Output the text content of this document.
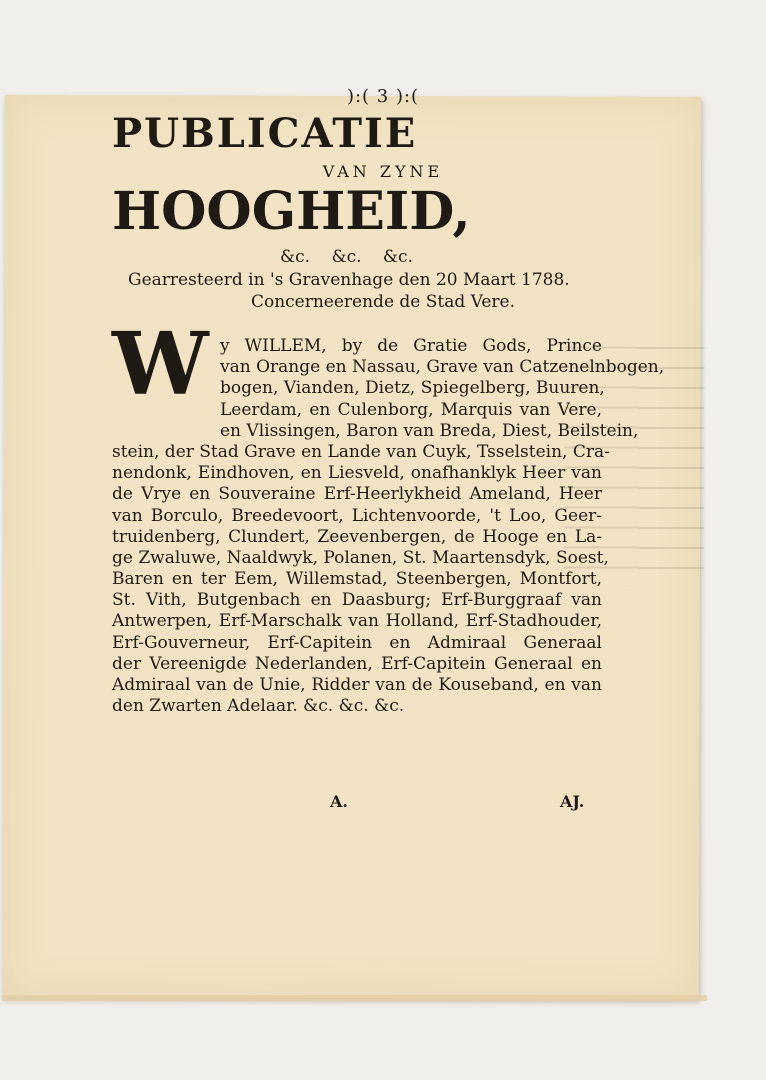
):( 3 ):(
PUBLICATIE
VAN ZYNE
HOOGHEID,
&c. &c. &c.
Gearresteerd in 's Gravenhage den 20 Maart 1788.
Concerneerende de Stad Vere.
W	y WILLEM, by de Gratie Gods, Prince
van Orange en Nassau, Grave van Catzenelnbogen,
bogen, Vianden, Dietz, Spiegelberg, Buuren,
Leerdam, en Culenborg, Marquis van Vere,
en Vlissingen, Baron van Breda, Diest, Beilstein,
stein, der Stad Grave en Lande van Cuyk, Tsselstein, Cra-
nendonk, Eindhoven, en Liesveld, onafhanklyk Heer van
de Vrye en Souveraine Erf-Heerlykheid Ameland, Heer
van Borculo, Breedevoort, Lichtenvoorde, 't Loo, Geer-
truidenberg, Clundert, Zeevenbergen, de Hooge en La-
ge Zwaluwe, Naaldwyk, Polanen, St. Maartensdyk, Soest,
Baren en ter Eem, Willemstad, Steenbergen, Montfort,
St. Vith, Butgenbach en Daasburg; Erf-Burggraaf van
Antwerpen, Erf-Marschalk van Holland, Erf-Stadhouder,
Erf-Gouverneur, Erf-Capitein en Admiraal Generaal
der Vereenigde Nederlanden, Erf-Capitein Generaal en
Admiraal van de Unie, Ridder van de Kouseband, en van
den Zwarten Adelaar. &c. &c. &c.
A.	AJ.
